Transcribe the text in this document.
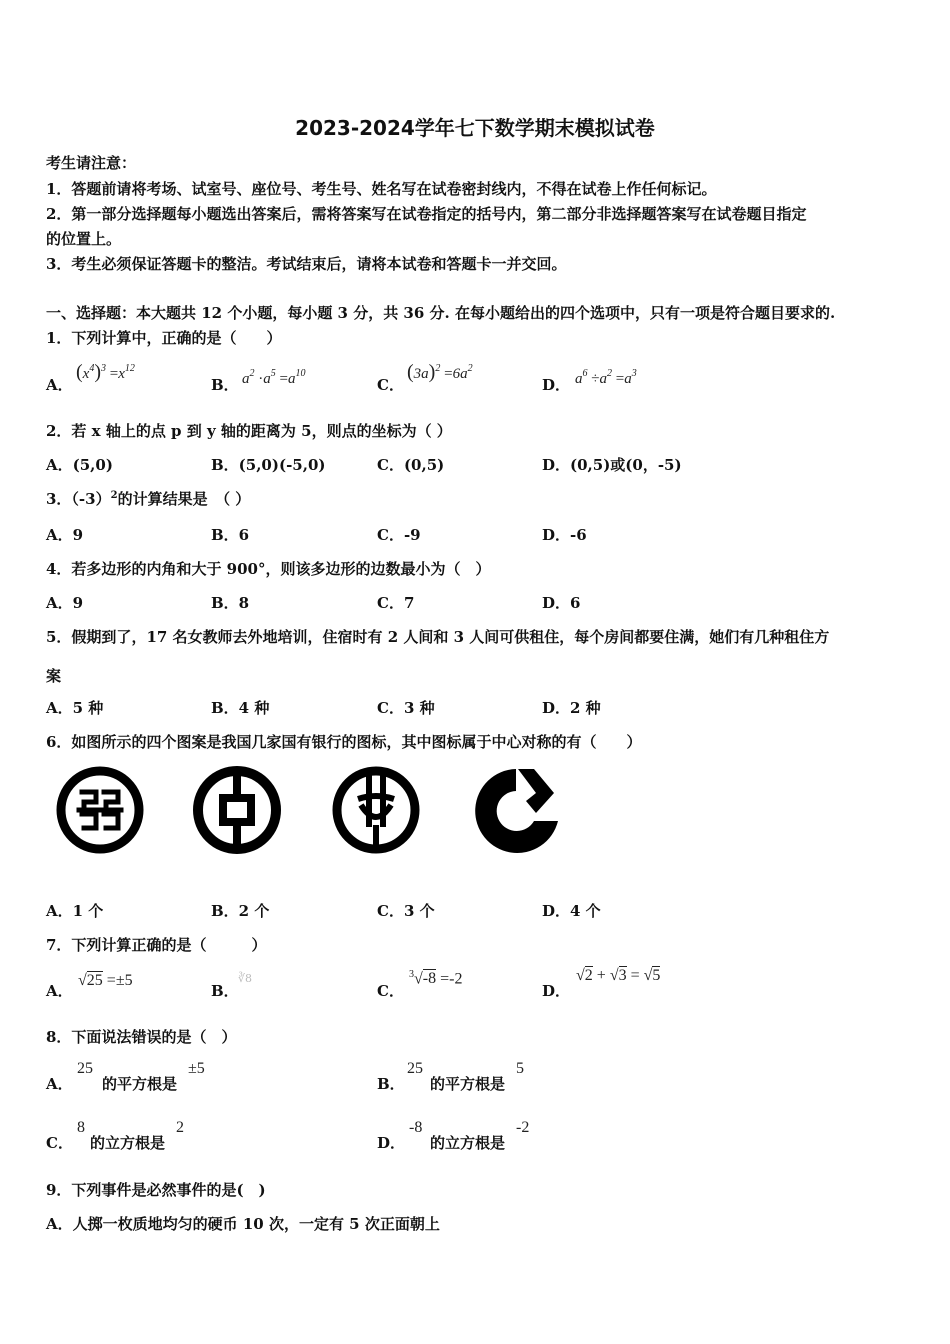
2023-2024学年七下数学期末模拟试卷
考生请注意：
1．答题前请将考场、试室号、座位号、考生号、姓名写在试卷密封线内，不得在试卷上作任何标记。
2．第一部分选择题每小题选出答案后，需将答案写在试卷指定的括号内，第二部分非选择题答案写在试卷题目指定
的位置上。
3．考生必须保证答题卡的整洁。考试结束后，请将本试卷和答题卡一并交回。
一、选择题：本大题共 12 个小题，每小题 3 分，共 36 分. 在每小题给出的四个选项中，只有一项是符合题目要求的.
1．下列计算中，正确的是（　　）
A．
$(x^4)^3 =x^{12}$
B． $a^2 \cdot a^5 =a^{10}$
C．
$(3a)^2 =6a^2$
D． $a^6 \div a^2 =a^3$
2．若 x 轴上的点 p 到 y 轴的距离为 5，则点的坐标为（ ）
A．(5,0)	B．(5,0)(-5,0)	C．(0,5)	D．(0,5)或(0，-5)
3．$(-3)^2$的计算结果是　（ ）
A．9	B．6	C．-9	D．-6
4．若多边形的内角和大于 900°，则该多边形的边数最小为（　）
A．9	B．8	C．7	D．6
5．假期到了，17 名女教师去外地培训，住宿时有 2 人间和 3 人间可供租住，每个房间都要住满，她们有几种租住方
案
A．5 种	B．4 种	C．3 种	D．2 种
6．如图所示的四个图案是我国几家国有银行的图标，其中图标属于中心对称的有（　　）
A．1 个	B．2 个	C．3 个	D．4 个
7．下列计算正确的是（　　　）
A．
√25 =±5
B．
∛8
C．
$^3$√-8 =-2
D．
√2 + √3 = √5
8．下面说法错误的是（　）
A．
25
的平方根是
±5
B．
25
的平方根是
5
C．
8
的立方根是
2
D．
-8
的立方根是
-2
9．下列事件是必然事件的是(　)
A．人掷一枚质地均匀的硬币 10 次，一定有 5 次正面朝上
